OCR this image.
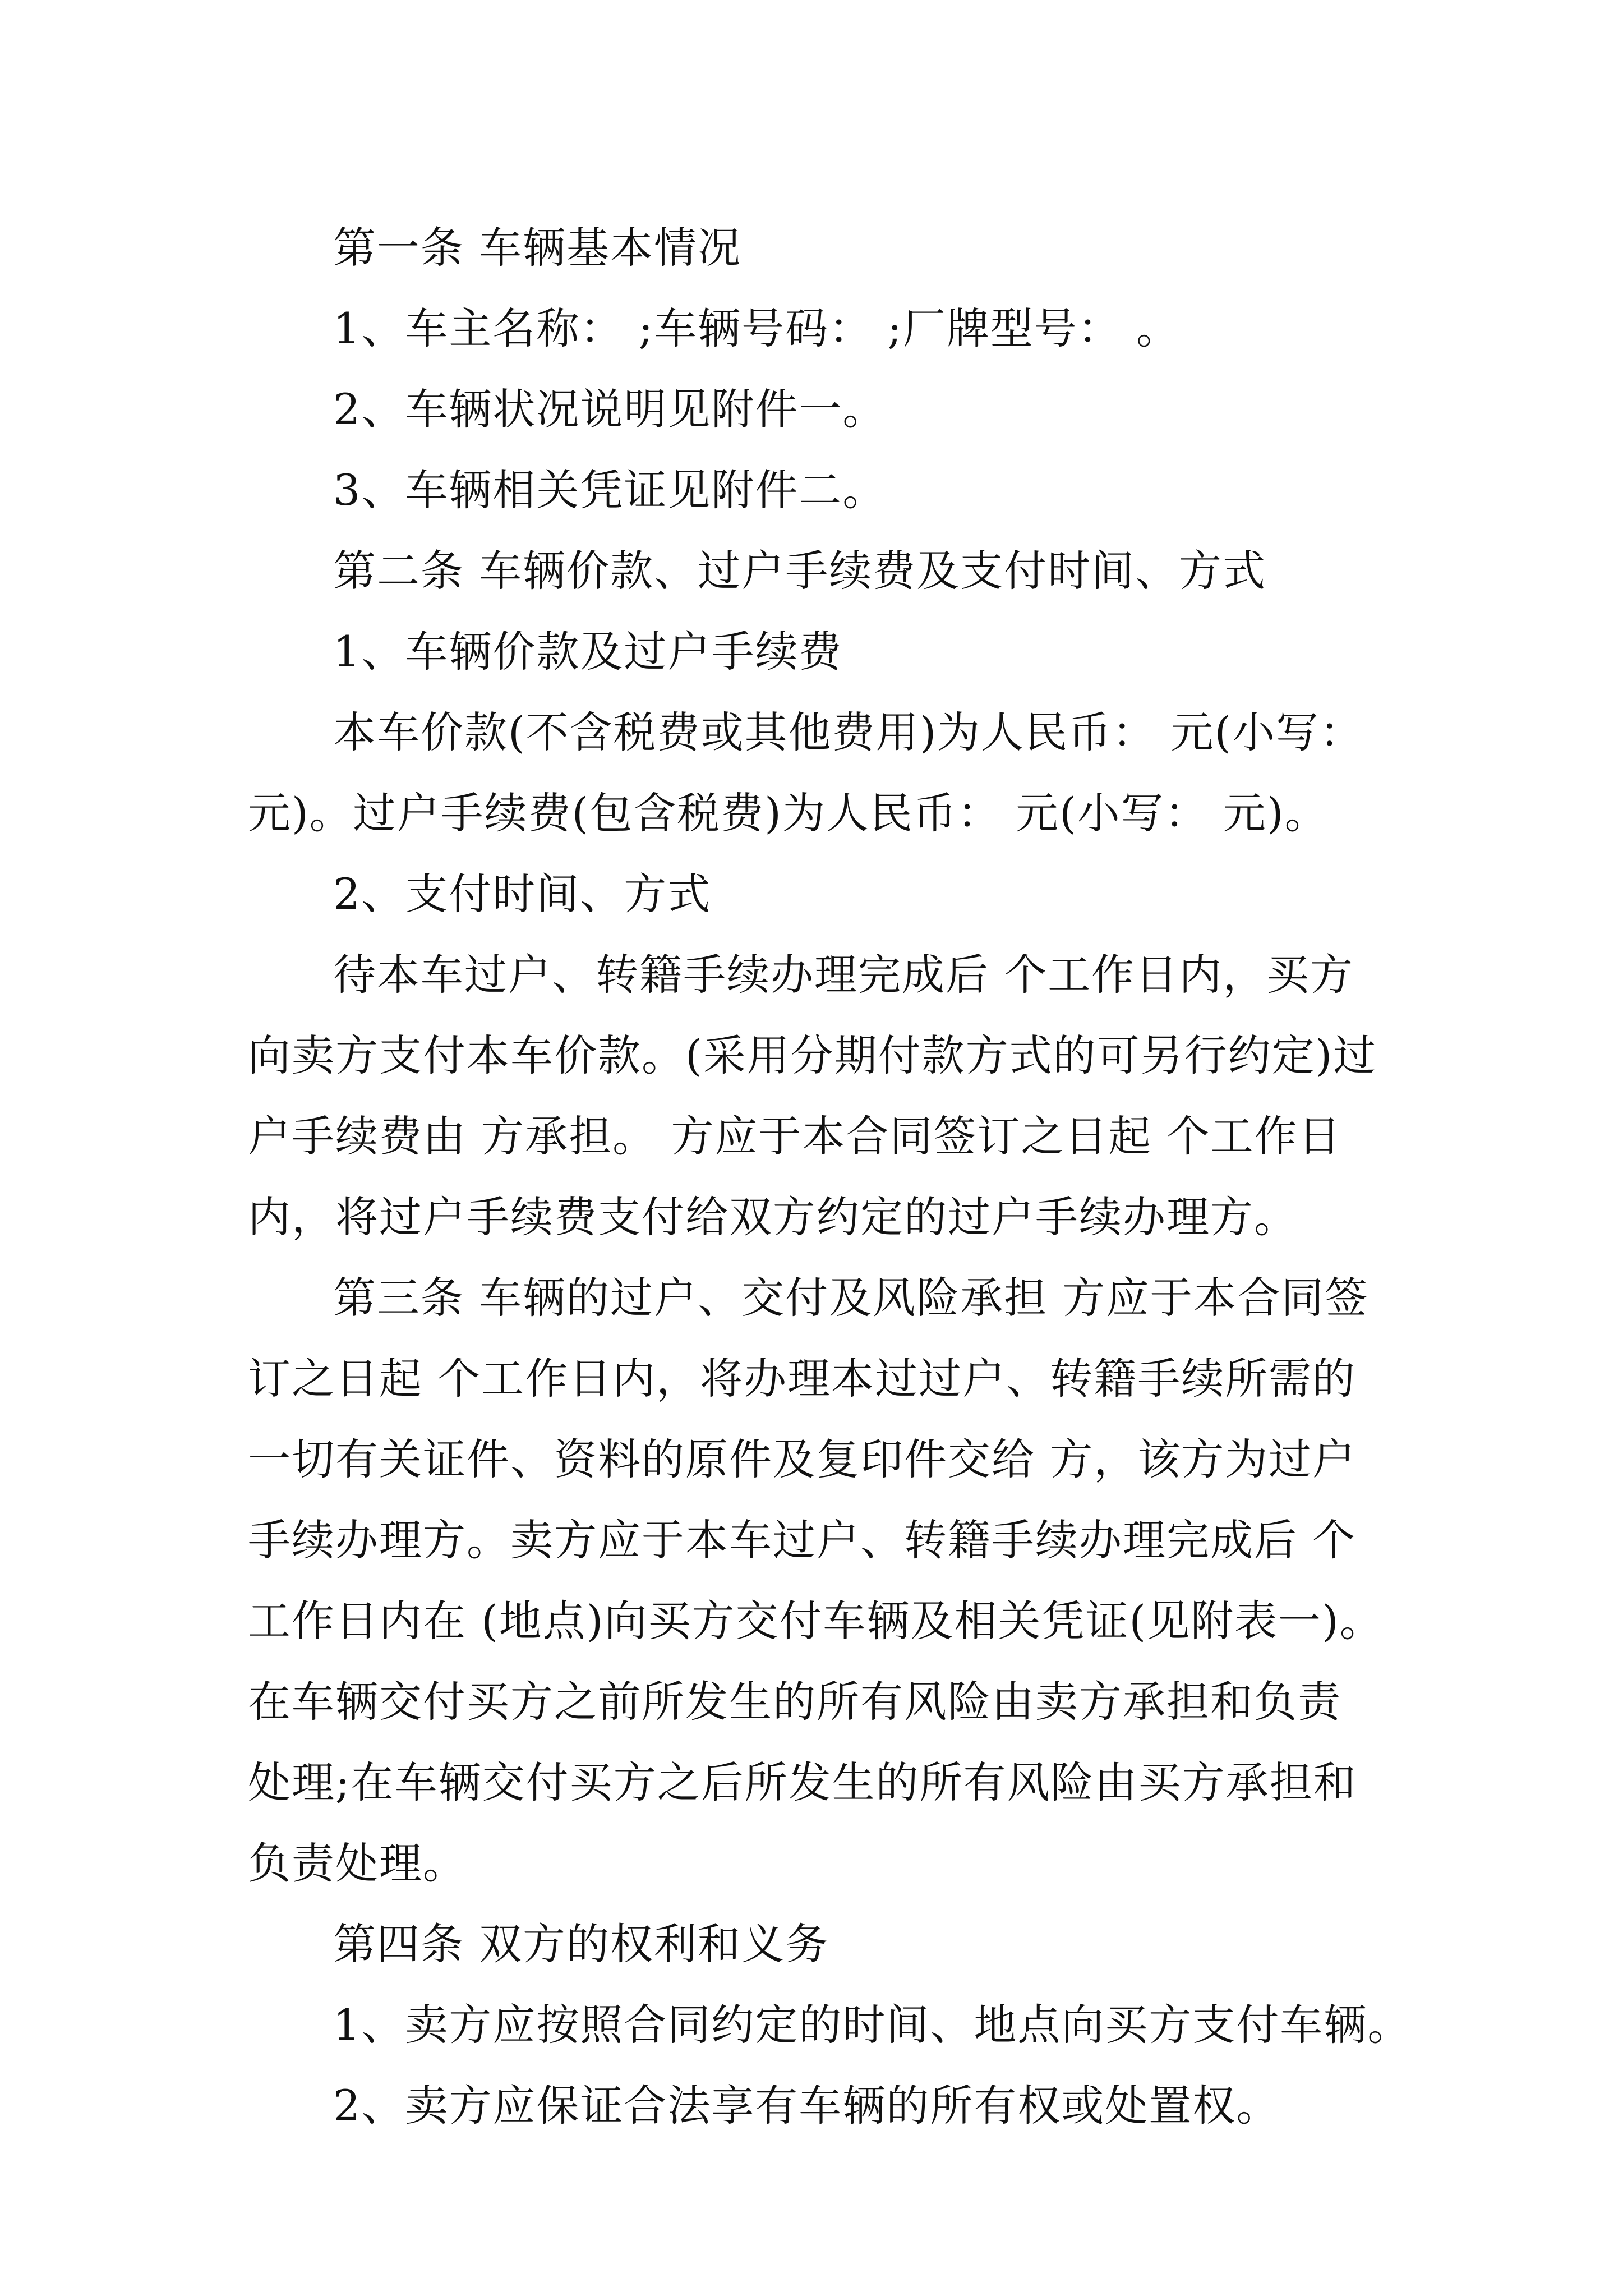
第一条 车辆基本情况

1、车主名称： ;车辆号码： ;厂牌型号： 。

2、车辆状况说明见附件一。

3、车辆相关凭证见附件二。

第二条 车辆价款、过户手续费及支付时间、方式

1、车辆价款及过户手续费

本车价款(不含税费或其他费用)为人民币： 元(小写：

元)。过户手续费(包含税费)为人民币： 元(小写： 元)。

2、支付时间、方式

待本车过户、转籍手续办理完成后 个工作日内，买方

向卖方支付本车价款。(采用分期付款方式的可另行约定)过

户手续费由 方承担。 方应于本合同签订之日起 个工作日

内，将过户手续费支付给双方约定的过户手续办理方。

第三条 车辆的过户、交付及风险承担 方应于本合同签

订之日起 个工作日内，将办理本过过户、转籍手续所需的

一切有关证件、资料的原件及复印件交给 方，该方为过户

手续办理方。卖方应于本车过户、转籍手续办理完成后 个

工作日内在 (地点)向买方交付车辆及相关凭证(见附表一)。

在车辆交付买方之前所发生的所有风险由卖方承担和负责

处理;在车辆交付买方之后所发生的所有风险由买方承担和

负责处理。

第四条 双方的权利和义务

1、卖方应按照合同约定的时间、地点向买方支付车辆。

2、卖方应保证合法享有车辆的所有权或处置权。
